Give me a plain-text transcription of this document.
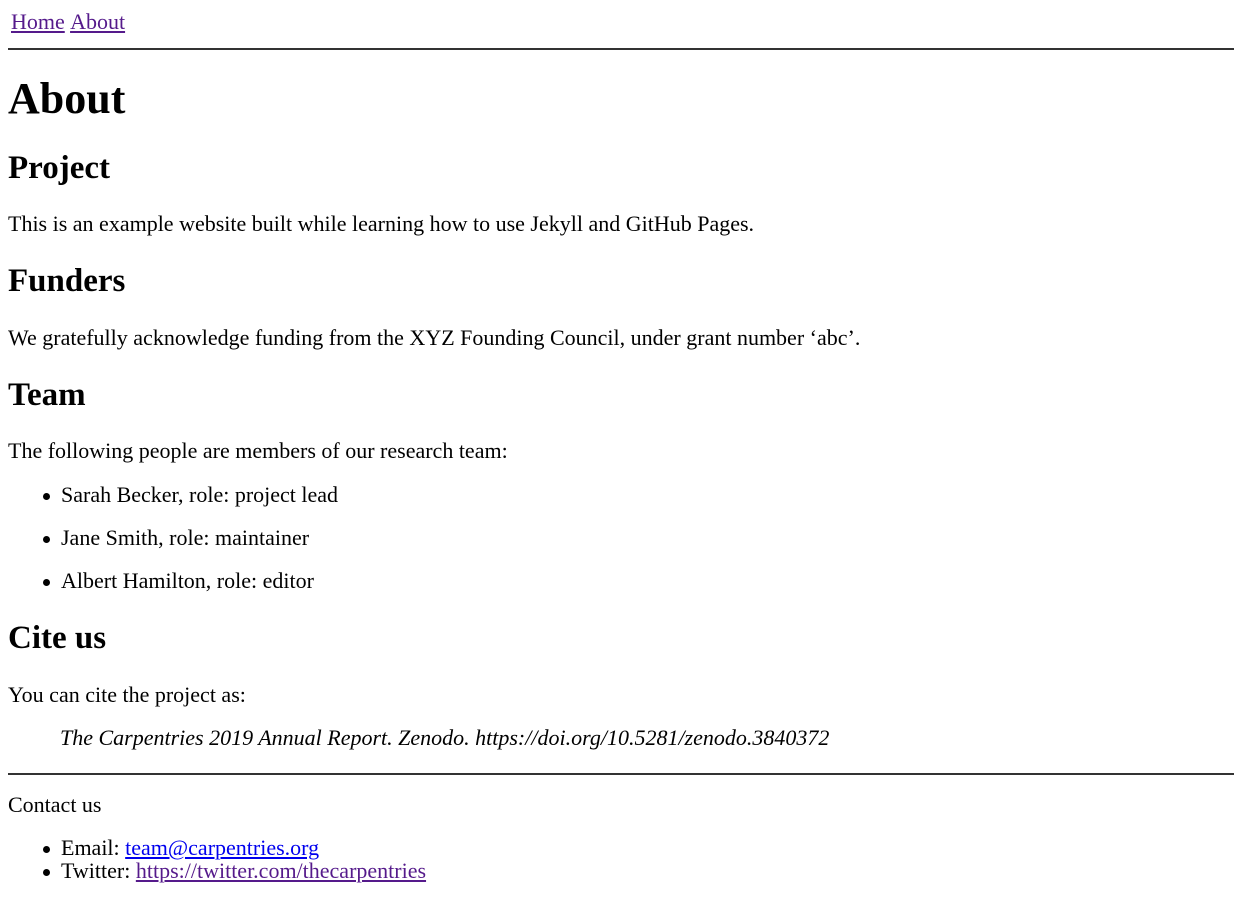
Home About
About
Project

This is an example website built while learning how to use Jekyll and GitHub Pages.

Funders

We gratefully acknowledge funding from the XYZ Founding Council, under grant number ‘abc’.

Team

The following people are members of our research team:

Sarah Becker, role: project lead
Jane Smith, role: maintainer
Albert Hamilton, role: editor
Cite us

You can cite the project as:

The Carpentries 2019 Annual Report. Zenodo. https://doi.org/10.5281/zenodo.3840372

Contact us

Email: team@carpentries.org
Twitter: https://twitter.com/thecarpentries
